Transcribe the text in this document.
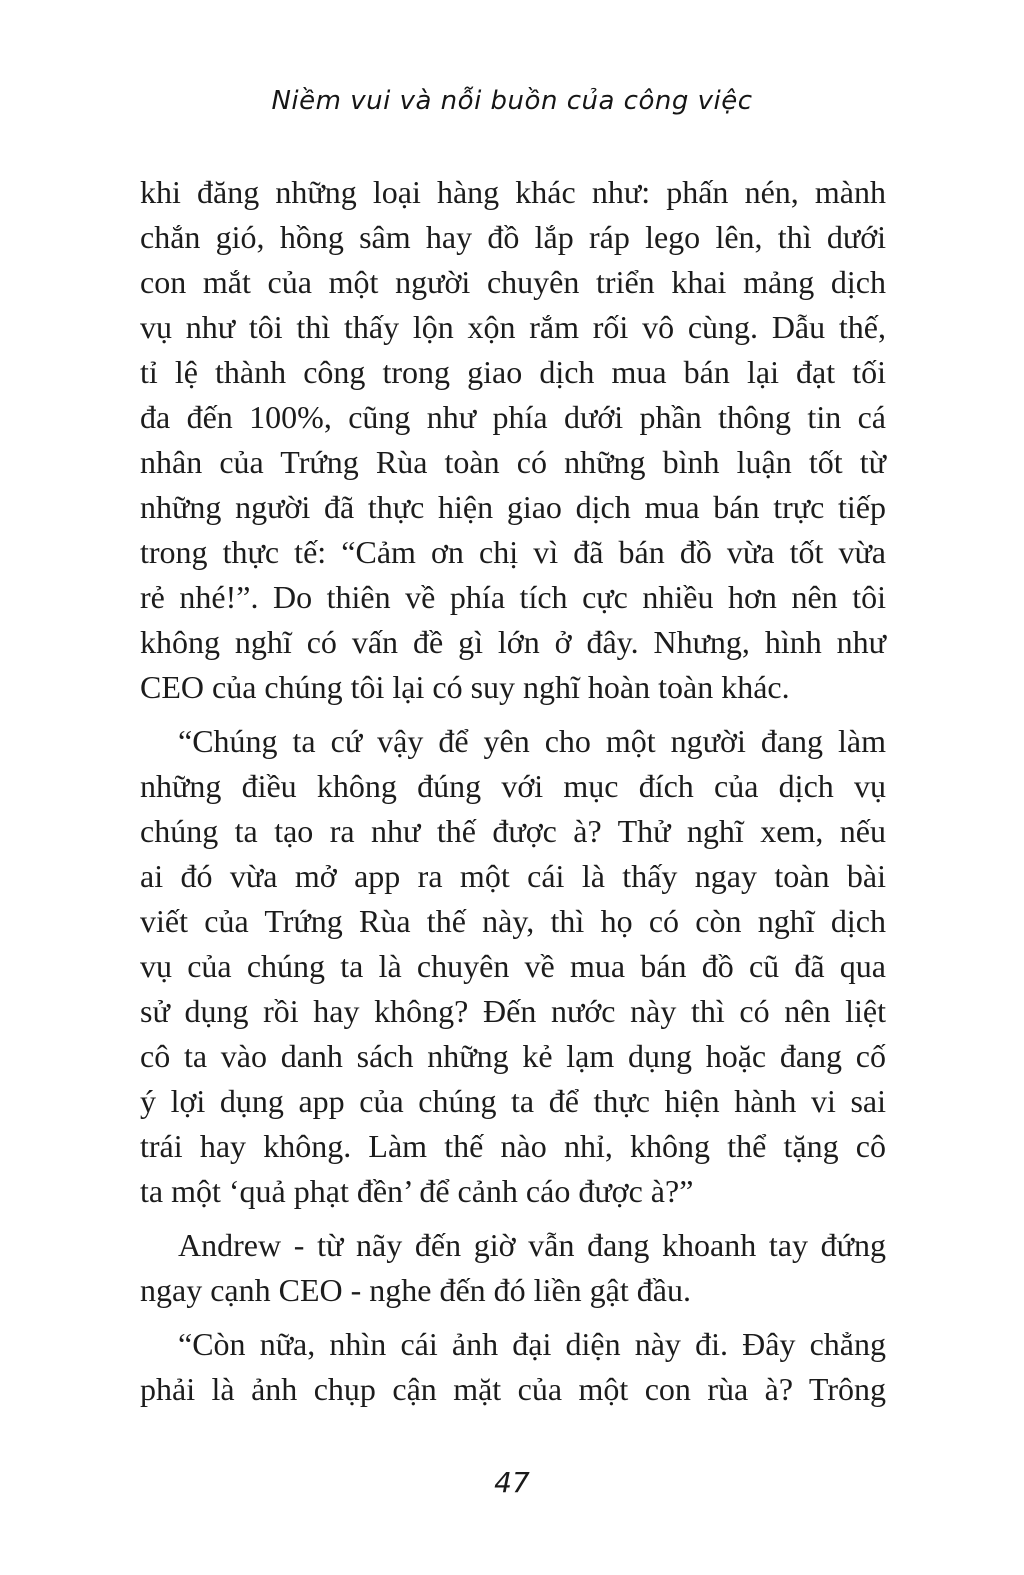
Niềm vui và nỗi buồn của công việc
khi đăng những loại hàng khác như: phấn nén, mành
chắn gió, hồng sâm hay đồ lắp ráp lego lên, thì dưới
con mắt của một người chuyên triển khai mảng dịch
vụ như tôi thì thấy lộn xộn rắm rối vô cùng. Dẫu thế,
tỉ lệ thành công trong giao dịch mua bán lại đạt tối
đa đến 100%, cũng như phía dưới phần thông tin cá
nhân của Trứng Rùa toàn có những bình luận tốt từ
những người đã thực hiện giao dịch mua bán trực tiếp
trong thực tế: “Cảm ơn chị vì đã bán đồ vừa tốt vừa
rẻ nhé!”. Do thiên về phía tích cực nhiều hơn nên tôi
không nghĩ có vấn đề gì lớn ở đây. Nhưng, hình như
CEO của chúng tôi lại có suy nghĩ hoàn toàn khác.
“Chúng ta cứ vậy để yên cho một người đang làm
những điều không đúng với mục đích của dịch vụ
chúng ta tạo ra như thế được à? Thử nghĩ xem, nếu
ai đó vừa mở app ra một cái là thấy ngay toàn bài
viết của Trứng Rùa thế này, thì họ có còn nghĩ dịch
vụ của chúng ta là chuyên về mua bán đồ cũ đã qua
sử dụng rồi hay không? Đến nước này thì có nên liệt
cô ta vào danh sách những kẻ lạm dụng hoặc đang cố
ý lợi dụng app của chúng ta để thực hiện hành vi sai
trái hay không. Làm thế nào nhỉ, không thể tặng cô
ta một ‘quả phạt đền’ để cảnh cáo được à?”
Andrew - từ nãy đến giờ vẫn đang khoanh tay đứng
ngay cạnh CEO - nghe đến đó liền gật đầu.
“Còn nữa, nhìn cái ảnh đại diện này đi. Đây chẳng
phải là ảnh chụp cận mặt của một con rùa à? Trông
47
